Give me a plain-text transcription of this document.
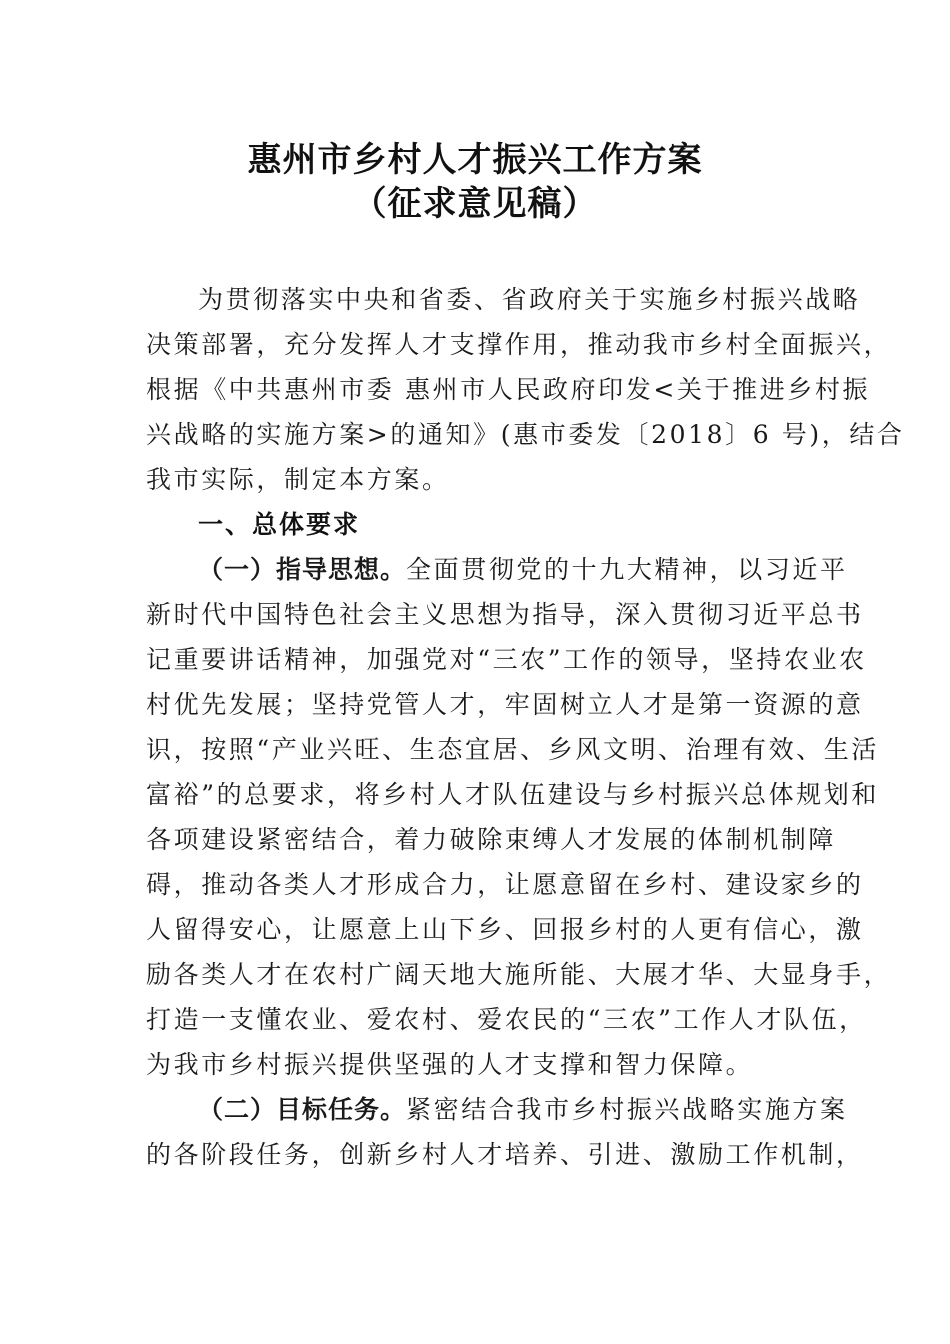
惠州市乡村人才振兴工作方案
（征求意见稿）
为贯彻落实中央和省委、省政府关于实施乡村振兴战略
决策部署，充分发挥人才支撑作用，推动我市乡村全面振兴，
根据《中共惠州市委 惠州市人民政府印发<关于推进乡村振
兴战略的实施方案>的通知》(惠市委发〔2018〕6 号)，结合
我市实际，制定本方案。
一、总体要求
（一）指导思想。全面贯彻党的十九大精神，以习近平
新时代中国特色社会主义思想为指导，深入贯彻习近平总书
记重要讲话精神，加强党对“三农”工作的领导，坚持农业农
村优先发展；坚持党管人才，牢固树立人才是第一资源的意
识，按照“产业兴旺、生态宜居、乡风文明、治理有效、生活
富裕”的总要求，将乡村人才队伍建设与乡村振兴总体规划和
各项建设紧密结合，着力破除束缚人才发展的体制机制障
碍，推动各类人才形成合力，让愿意留在乡村、建设家乡的
人留得安心，让愿意上山下乡、回报乡村的人更有信心，激
励各类人才在农村广阔天地大施所能、大展才华、大显身手，
打造一支懂农业、爱农村、爱农民的“三农”工作人才队伍，
为我市乡村振兴提供坚强的人才支撑和智力保障。
（二）目标任务。紧密结合我市乡村振兴战略实施方案
的各阶段任务，创新乡村人才培养、引进、激励工作机制，
